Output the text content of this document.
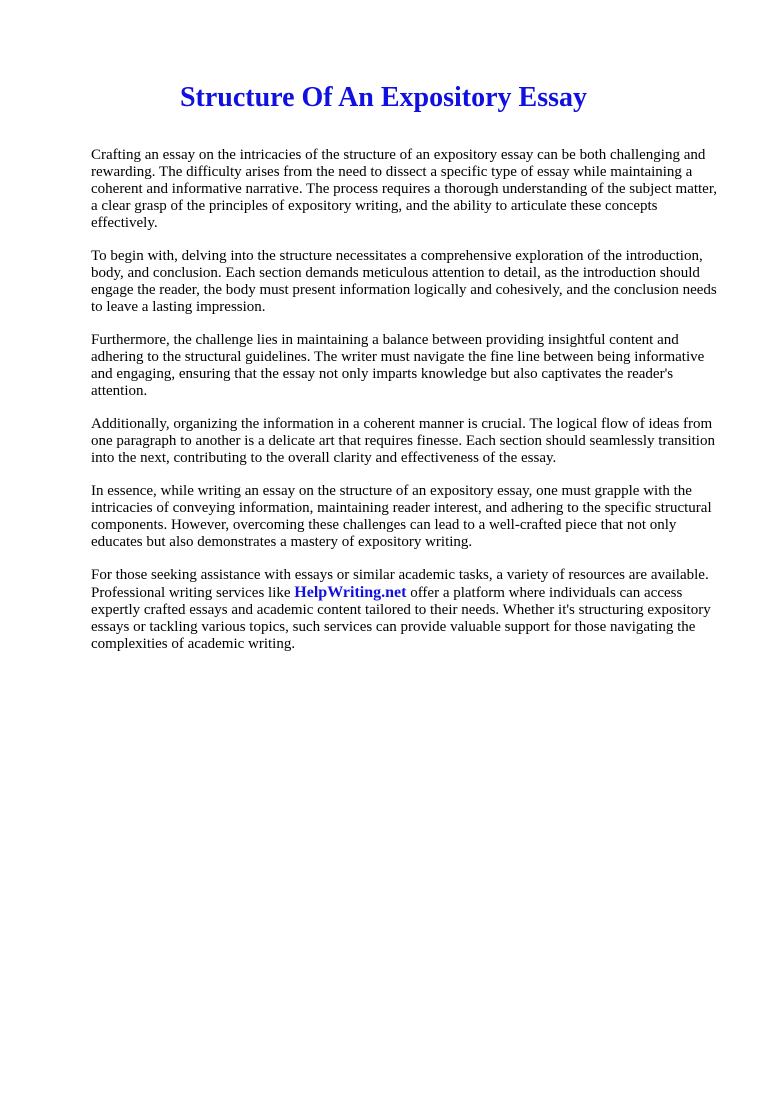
Structure Of An Expository Essay

Crafting an essay on the intricacies of the structure of an expository essay can be both challenging and rewarding. The difficulty arises from the need to dissect a specific type of essay while maintaining a coherent and informative narrative. The process requires a thorough understanding of the subject matter, a clear grasp of the principles of expository writing, and the ability to articulate these concepts effectively.

To begin with, delving into the structure necessitates a comprehensive exploration of the introduction, body, and conclusion. Each section demands meticulous attention to detail, as the introduction should engage the reader, the body must present information logically and cohesively, and the conclusion needs to leave a lasting impression.

Furthermore, the challenge lies in maintaining a balance between providing insightful content and adhering to the structural guidelines. The writer must navigate the fine line between being informative and engaging, ensuring that the essay not only imparts knowledge but also captivates the reader's attention.

Additionally, organizing the information in a coherent manner is crucial. The logical flow of ideas from one paragraph to another is a delicate art that requires finesse. Each section should seamlessly transition into the next, contributing to the overall clarity and effectiveness of the essay.

In essence, while writing an essay on the structure of an expository essay, one must grapple with the intricacies of conveying information, maintaining reader interest, and adhering to the specific structural components. However, overcoming these challenges can lead to a well-crafted piece that not only educates but also demonstrates a mastery of expository writing.

For those seeking assistance with essays or similar academic tasks, a variety of resources are available. Professional writing services like HelpWriting.net offer a platform where individuals can access expertly crafted essays and academic content tailored to their needs. Whether it's structuring expository essays or tackling various topics, such services can provide valuable support for those navigating the complexities of academic writing.
